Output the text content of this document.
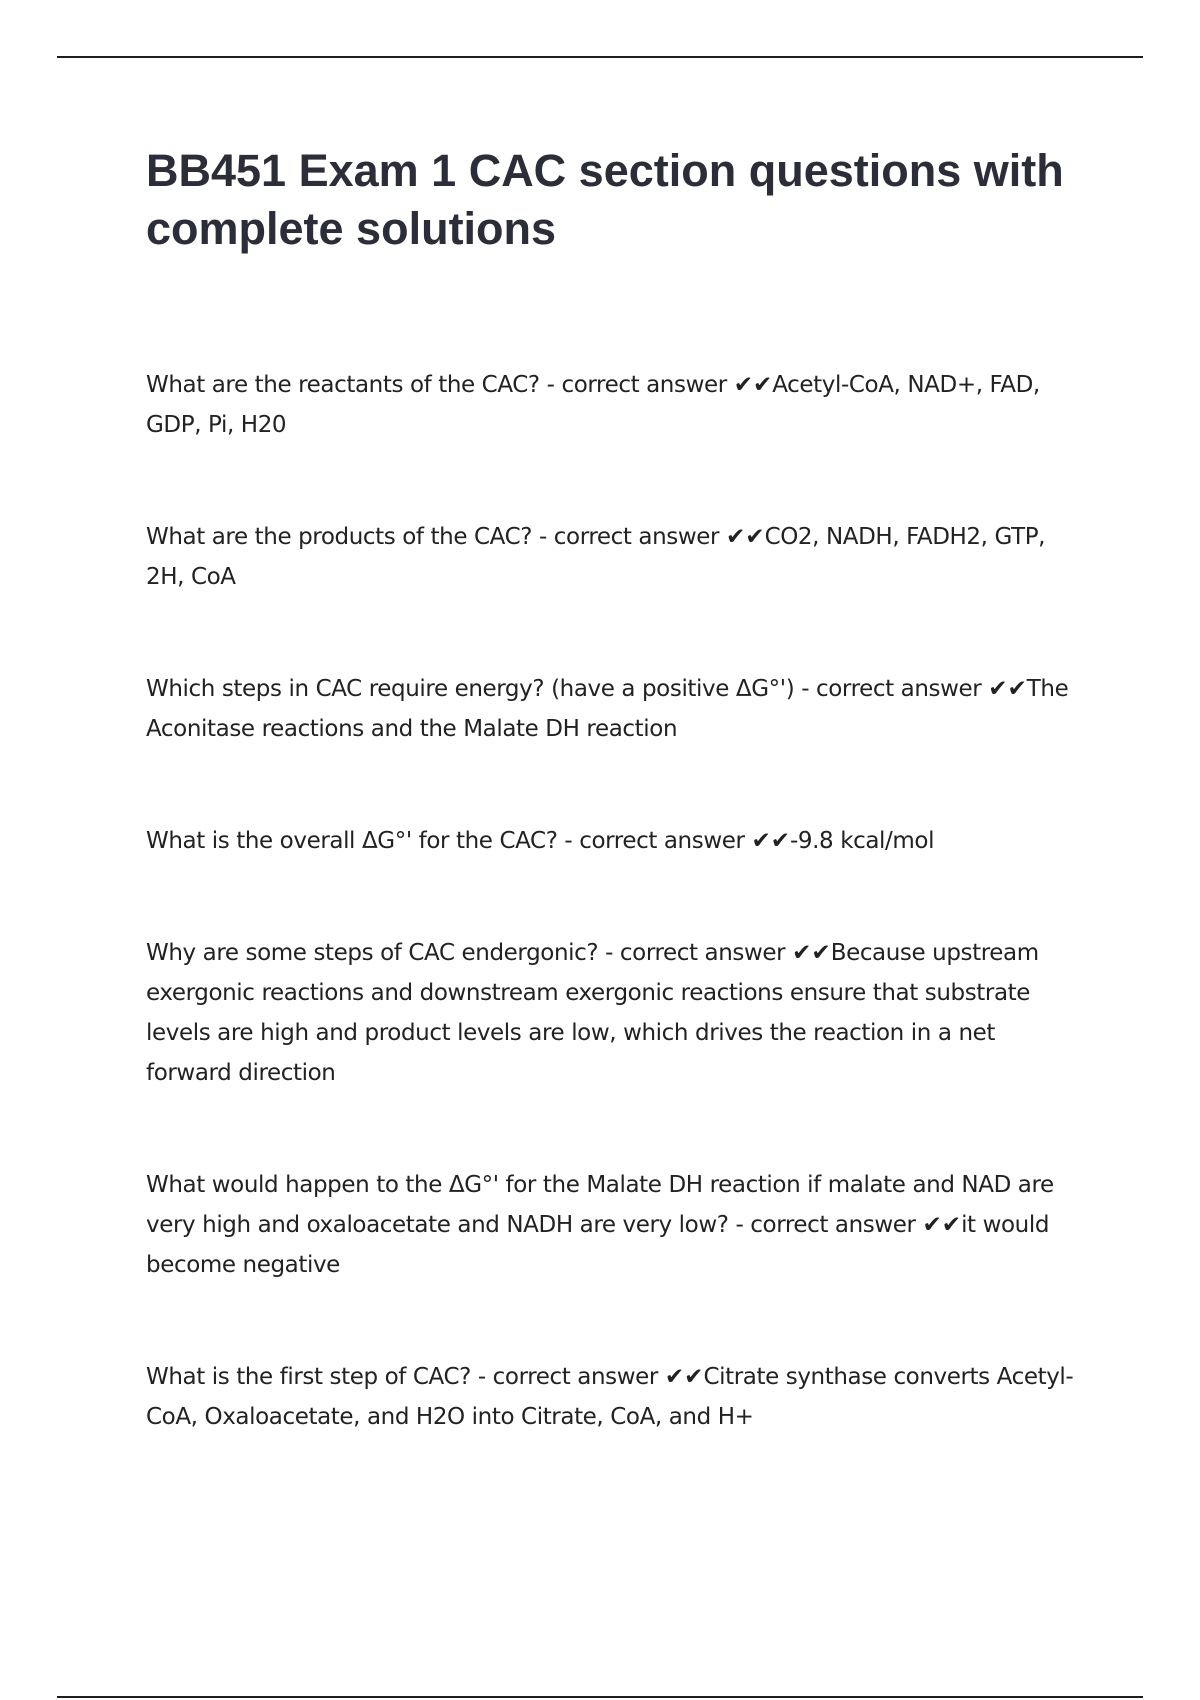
BB451 Exam 1 CAC section questions with complete solutions

What are the reactants of the CAC? - correct answer ✔✔Acetyl-CoA, NAD+, FAD, GDP, Pi, H20

What are the products of the CAC? - correct answer ✔✔CO2, NADH, FADH2, GTP, 2H, CoA

Which steps in CAC require energy? (have a positive ΔG°') - correct answer ✔✔The Aconitase reactions and the Malate DH reaction

What is the overall ΔG°' for the CAC? - correct answer ✔✔-9.8 kcal/mol

Why are some steps of CAC endergonic? - correct answer ✔✔Because upstream exergonic reactions and downstream exergonic reactions ensure that substrate levels are high and product levels are low, which drives the reaction in a net forward direction

What would happen to the ΔG°' for the Malate DH reaction if malate and NAD are very high and oxaloacetate and NADH are very low? - correct answer ✔✔it would become negative

What is the first step of CAC? - correct answer ✔✔Citrate synthase converts Acetyl-CoA, Oxaloacetate, and H2O into Citrate, CoA, and H+
